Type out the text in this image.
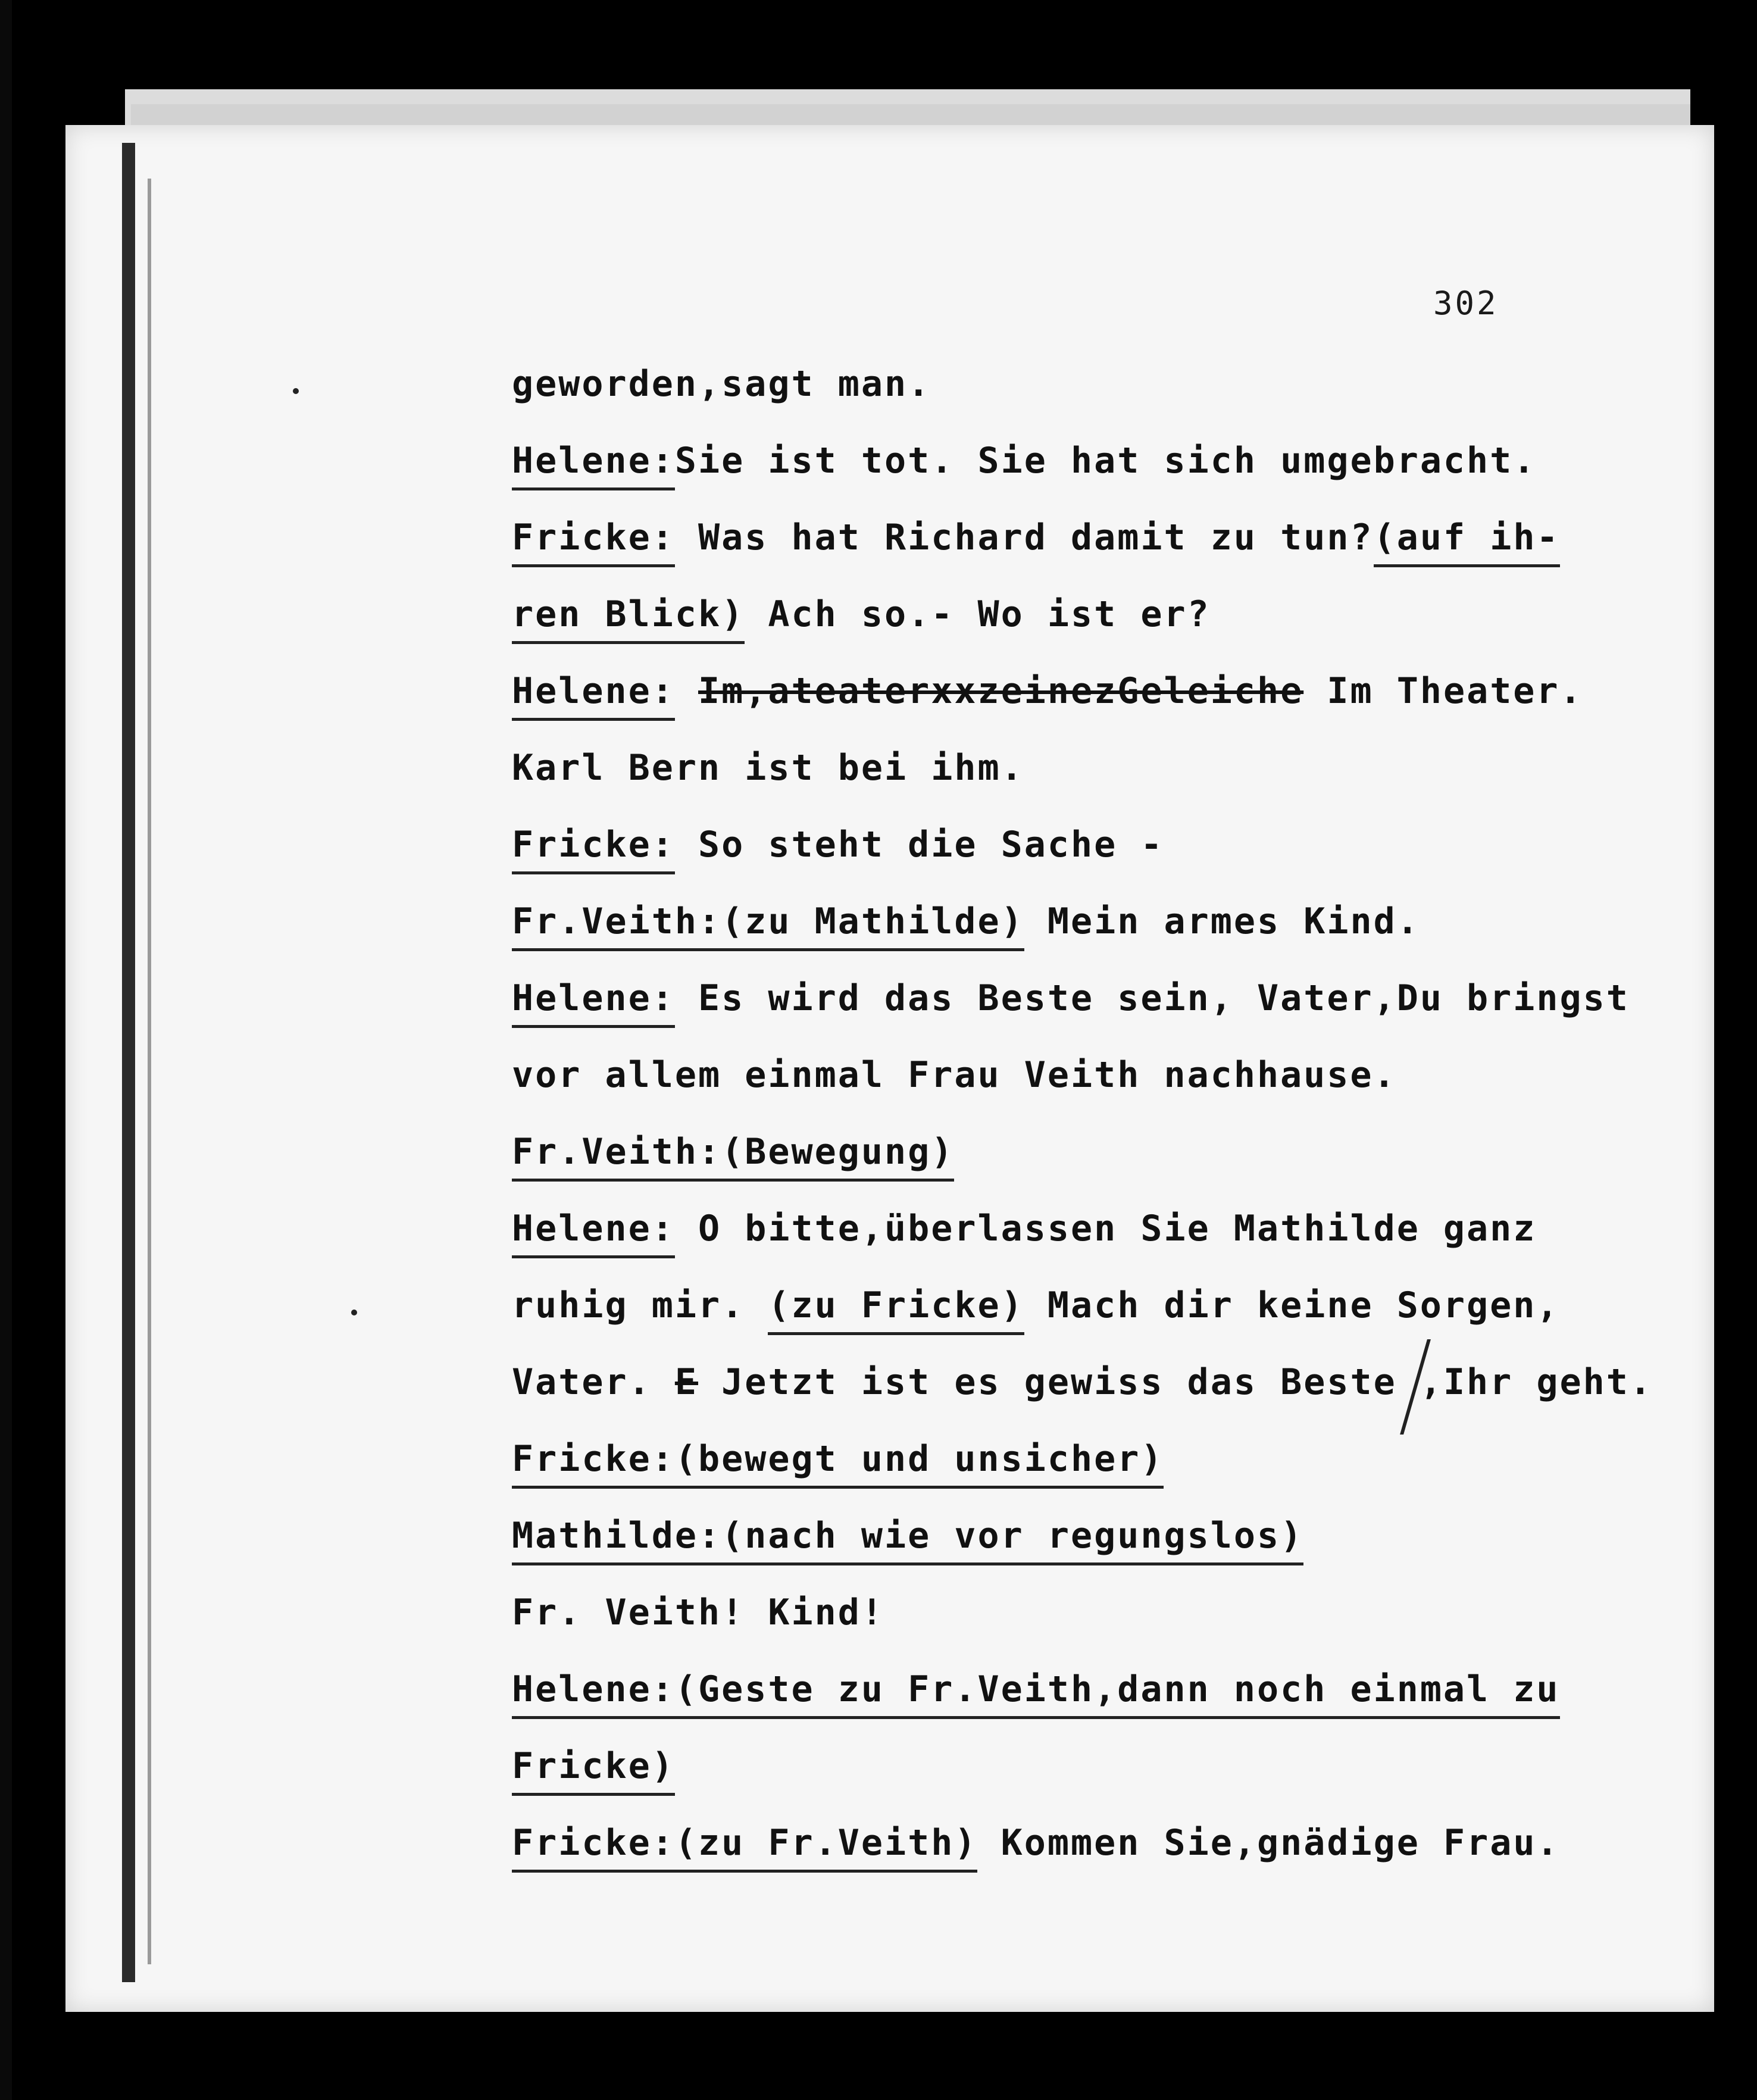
302
geworden,sagt man.
Helene:Sie ist tot. Sie hat sich umgebracht.
Fricke: Was hat Richard damit zu tun?(auf ih-
ren Blick) Ach so.- Wo ist er?
Helene: Im,ateaterxxzeinezGeleiche Im Theater.
Karl Bern ist bei ihm.
Fricke: So steht die Sache -
Fr.Veith:(zu Mathilde) Mein armes Kind.
Helene: Es wird das Beste sein, Vater,Du bringst
vor allem einmal Frau Veith nachhause.
Fr.Veith:(Bewegung)
Helene: O bitte,überlassen Sie Mathilde ganz
ruhig mir. (zu Fricke) Mach dir keine Sorgen,
Vater. E Jetzt ist es gewiss das Beste ,Ihr geht.
Fricke:(bewegt und unsicher)
Mathilde:(nach wie vor regungslos)
Fr. Veith! Kind!
Helene:(Geste zu Fr.Veith,dann noch einmal zu
Fricke)
Fricke:(zu Fr.Veith) Kommen Sie,gnädige Frau.
